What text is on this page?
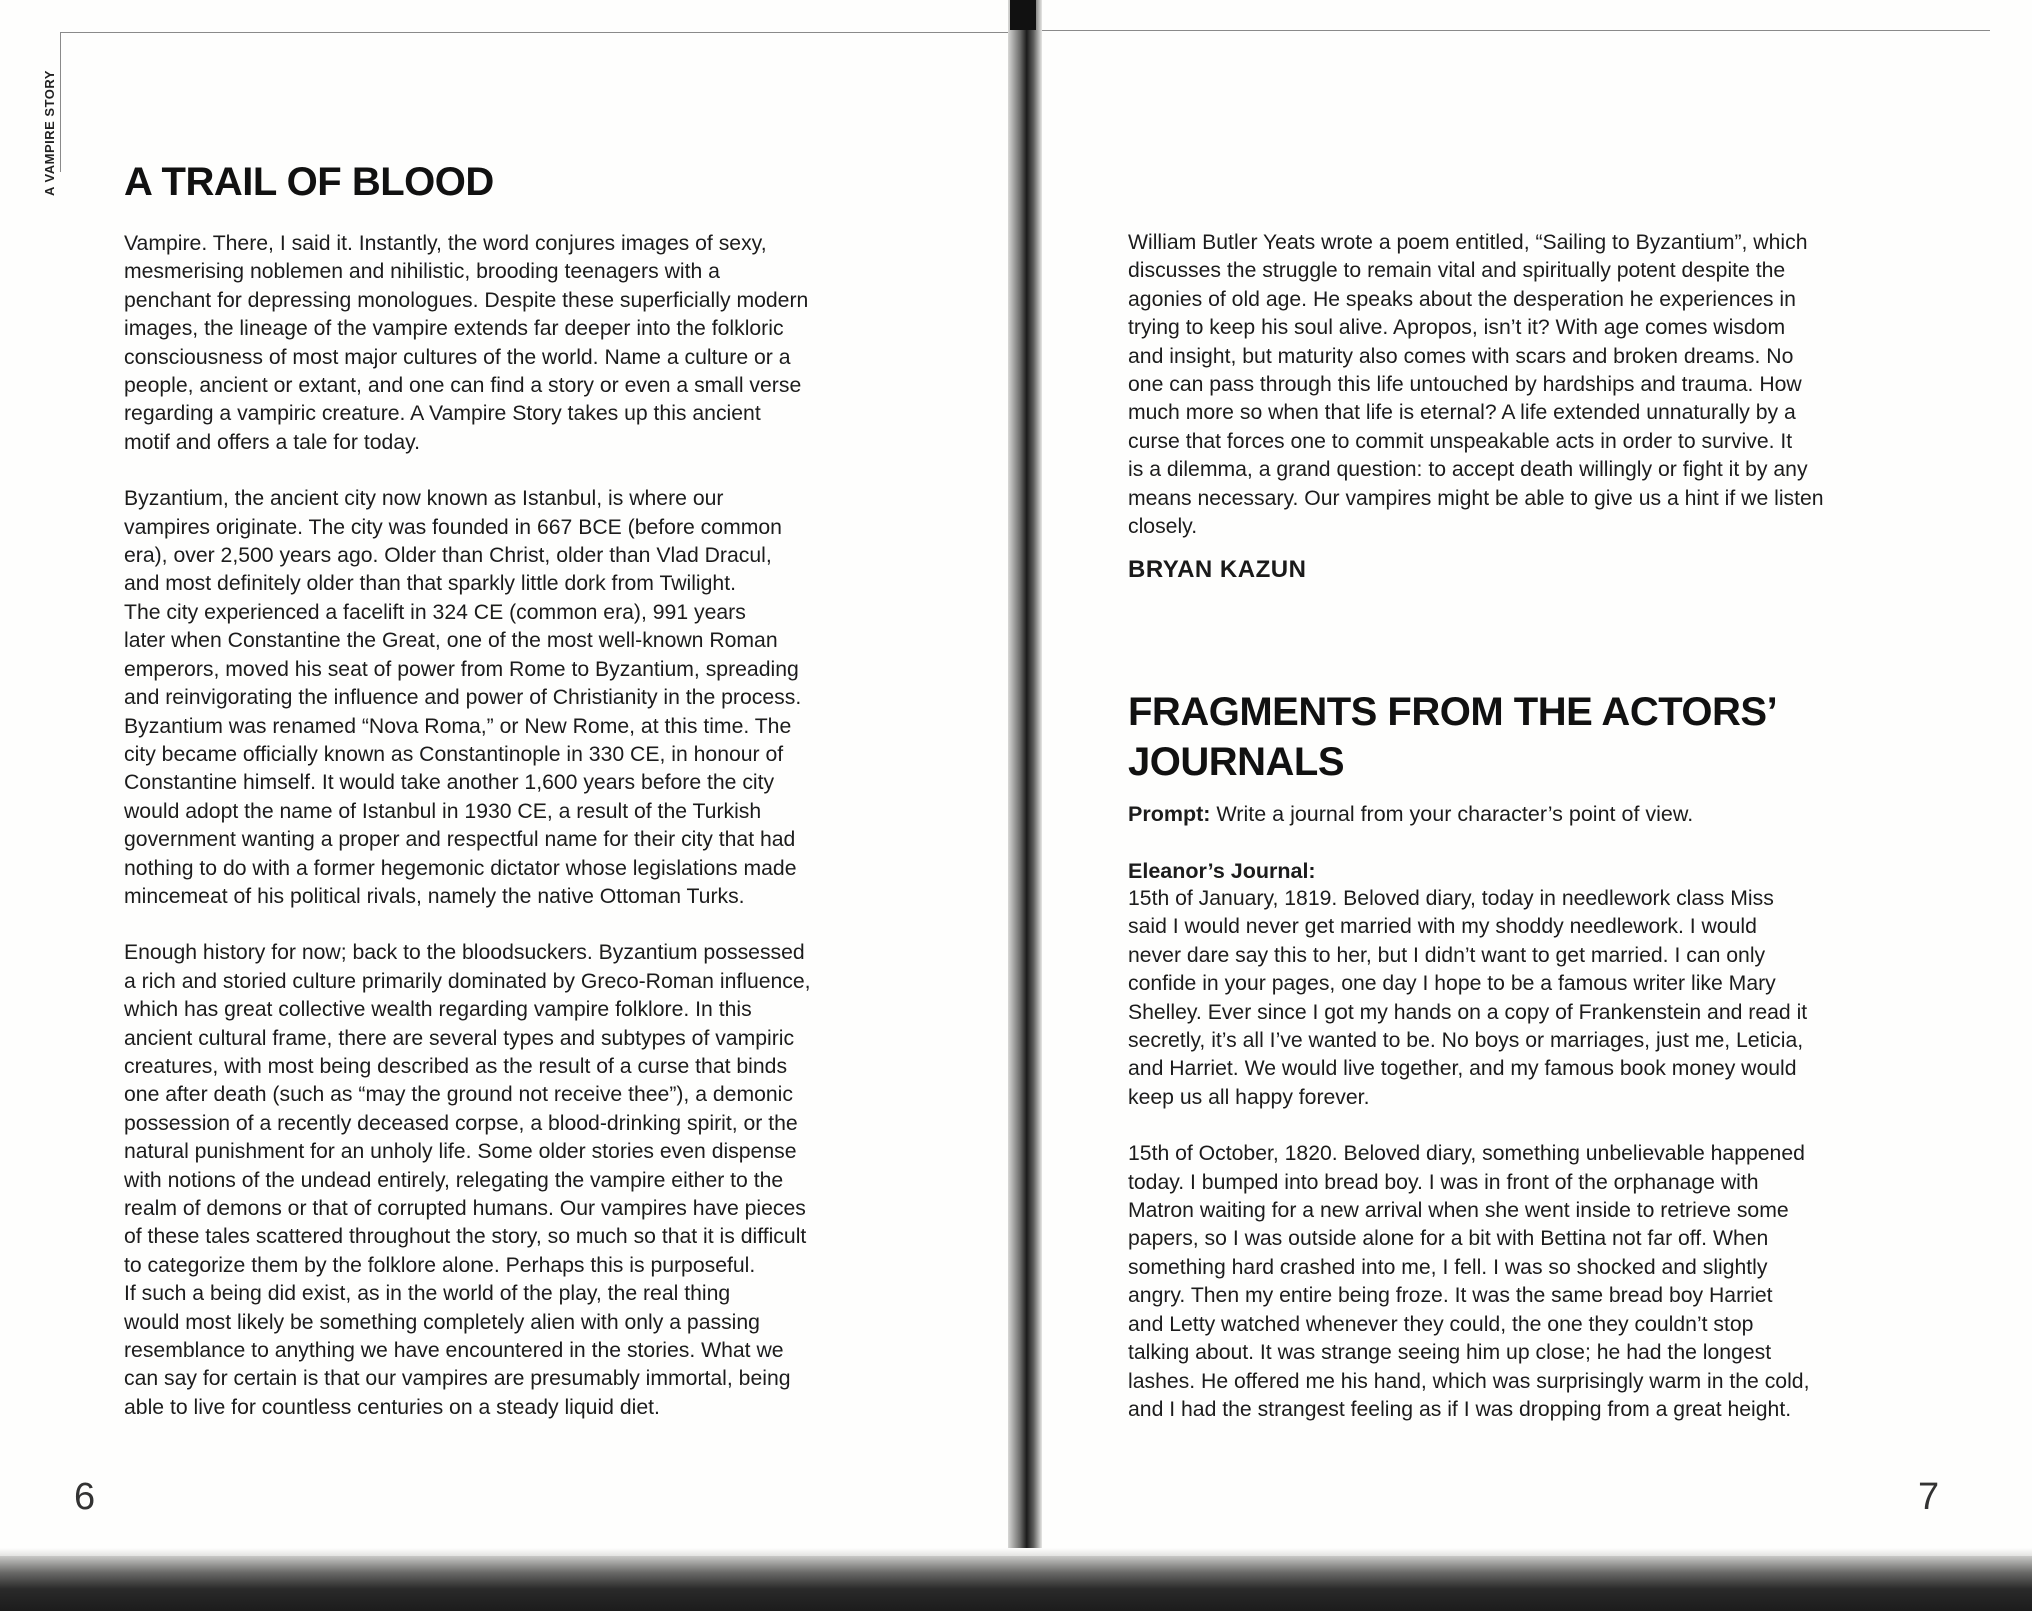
A VAMPIRE STORY A TRAIL OF BLOOD

Vampire. There, I said it. Instantly, the word conjures images of sexy,
mesmerising noblemen and nihilistic, brooding teenagers with a
penchant for depressing monologues. Despite these superficially modern
images, the lineage of the vampire extends far deeper into the folkloric
consciousness of most major cultures of the world. Name a culture or a
people, ancient or extant, and one can find a story or even a small verse
regarding a vampiric creature. A Vampire Story takes up this ancient
motif and offers a tale for today.

Byzantium, the ancient city now known as Istanbul, is where our
vampires originate. The city was founded in 667 BCE (before common
era), over 2,500 years ago. Older than Christ, older than Vlad Dracul,
and most definitely older than that sparkly little dork from Twilight.
The city experienced a facelift in 324 CE (common era), 991 years
later when Constantine the Great, one of the most well-known Roman
emperors, moved his seat of power from Rome to Byzantium, spreading
and reinvigorating the influence and power of Christianity in the process.
Byzantium was renamed “Nova Roma,” or New Rome, at this time. The
city became officially known as Constantinople in 330 CE, in honour of
Constantine himself. It would take another 1,600 years before the city
would adopt the name of Istanbul in 1930 CE, a result of the Turkish
government wanting a proper and respectful name for their city that had
nothing to do with a former hegemonic dictator whose legislations made
mincemeat of his political rivals, namely the native Ottoman Turks.

Enough history for now; back to the bloodsuckers. Byzantium possessed
a rich and storied culture primarily dominated by Greco-Roman influence,
which has great collective wealth regarding vampire folklore. In this
ancient cultural frame, there are several types and subtypes of vampiric
creatures, with most being described as the result of a curse that binds
one after death (such as “may the ground not receive thee”), a demonic
possession of a recently deceased corpse, a blood-drinking spirit, or the
natural punishment for an unholy life. Some older stories even dispense
with notions of the undead entirely, relegating the vampire either to the
realm of demons or that of corrupted humans. Our vampires have pieces
of these tales scattered throughout the story, so much so that it is difficult
to categorize them by the folklore alone. Perhaps this is purposeful.
If such a being did exist, as in the world of the play, the real thing
would most likely be something completely alien with only a passing
resemblance to anything we have encountered in the stories. What we
can say for certain is that our vampires are presumably immortal, being
able to live for countless centuries on a steady liquid diet.

6

William Butler Yeats wrote a poem entitled, “Sailing to Byzantium”, which
discusses the struggle to remain vital and spiritually potent despite the
agonies of old age. He speaks about the desperation he experiences in
trying to keep his soul alive. Apropos, isn’t it? With age comes wisdom
and insight, but maturity also comes with scars and broken dreams. No
one can pass through this life untouched by hardships and trauma. How
much more so when that life is eternal? A life extended unnaturally by a
curse that forces one to commit unspeakable acts in order to survive. It
is a dilemma, a grand question: to accept death willingly or fight it by any
means necessary. Our vampires might be able to give us a hint if we listen
closely.

BRYAN KAZUN
FRAGMENTS FROM THE ACTORS’
JOURNALS
Prompt: Write a journal from your character’s point of view.
Eleanor’s Journal:

15th of January, 1819. Beloved diary, today in needlework class Miss
said I would never get married with my shoddy needlework. I would
never dare say this to her, but I didn’t want to get married. I can only
confide in your pages, one day I hope to be a famous writer like Mary
Shelley. Ever since I got my hands on a copy of Frankenstein and read it
secretly, it’s all I’ve wanted to be. No boys or marriages, just me, Leticia,
and Harriet. We would live together, and my famous book money would
keep us all happy forever.

15th of October, 1820. Beloved diary, something unbelievable happened
today. I bumped into bread boy. I was in front of the orphanage with
Matron waiting for a new arrival when she went inside to retrieve some
papers, so I was outside alone for a bit with Bettina not far off. When
something hard crashed into me, I fell. I was so shocked and slightly
angry. Then my entire being froze. It was the same bread boy Harriet
and Letty watched whenever they could, the one they couldn’t stop
talking about. It was strange seeing him up close; he had the longest
lashes. He offered me his hand, which was surprisingly warm in the cold,
and I had the strangest feeling as if I was dropping from a great height.

7
